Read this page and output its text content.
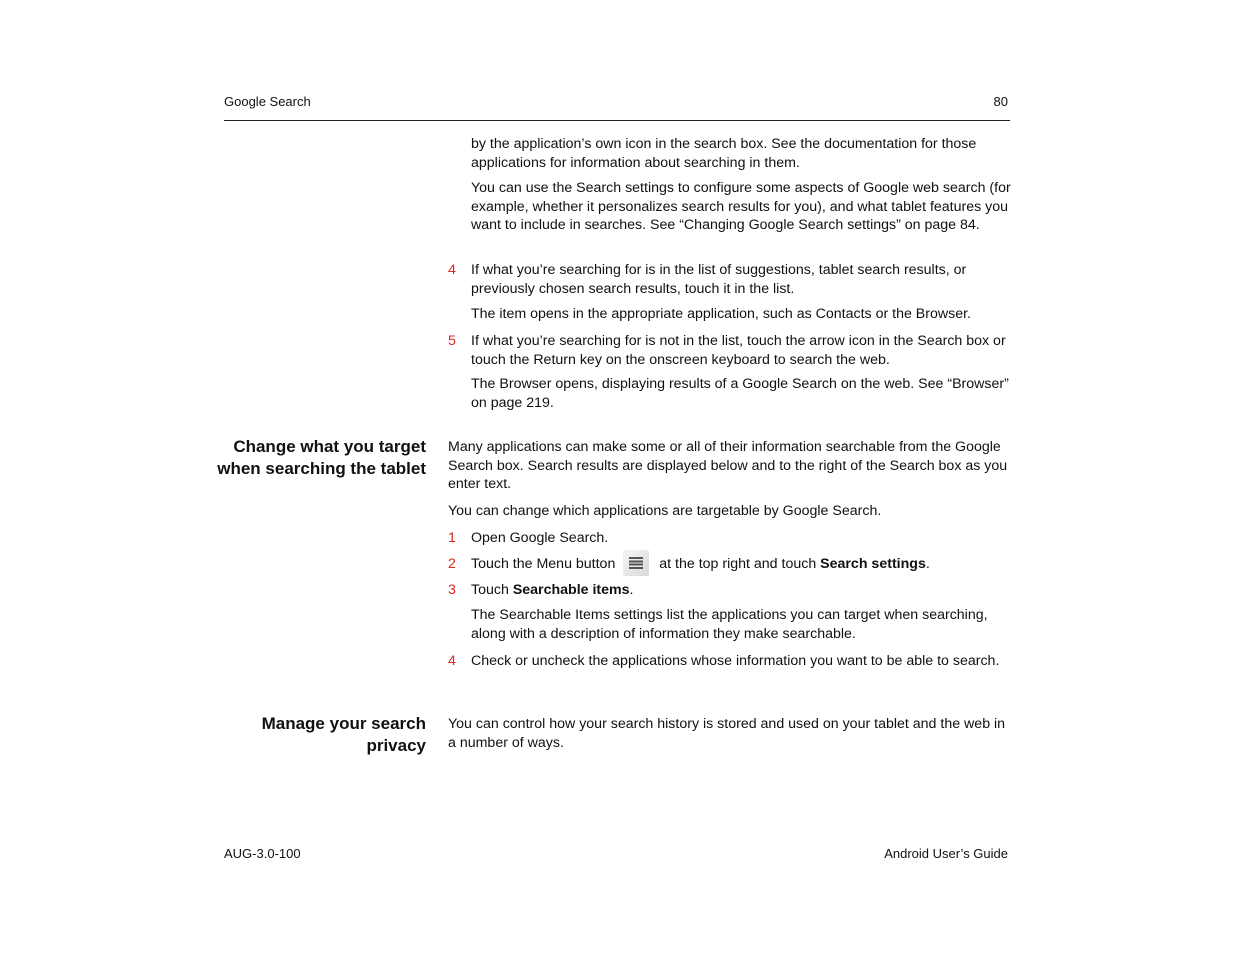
Google Search	80
by the application’s own icon in the search box. See the documentation for those applications for information about searching in them.
You can use the Search settings to configure some aspects of Google web search (for example, whether it personalizes search results for you), and what tablet features you want to include in searches. See “Changing Google Search settings” on page 84.
4 If what you’re searching for is in the list of suggestions, tablet search results, or previously chosen search results, touch it in the list.
The item opens in the appropriate application, such as Contacts or the Browser.
5 If what you’re searching for is not in the list, touch the arrow icon in the Search box or touch the Return key on the onscreen keyboard to search the web.
The Browser opens, displaying results of a Google Search on the web. See “Browser” on page 219.
Change what you target when searching the tablet
Many applications can make some or all of their information searchable from the Google Search box. Search results are displayed below and to the right of the Search box as you enter text.
You can change which applications are targetable by Google Search.
1 Open Google Search.
2 Touch the Menu button	at the top right and touch Search settings.
3 Touch Searchable items.
The Searchable Items settings list the applications you can target when searching, along with a description of information they make searchable.
4 Check or uncheck the applications whose information you want to be able to search.
Manage your search privacy
You can control how your search history is stored and used on your tablet and the web in a number of ways.
AUG-3.0-100	Android User’s Guide
